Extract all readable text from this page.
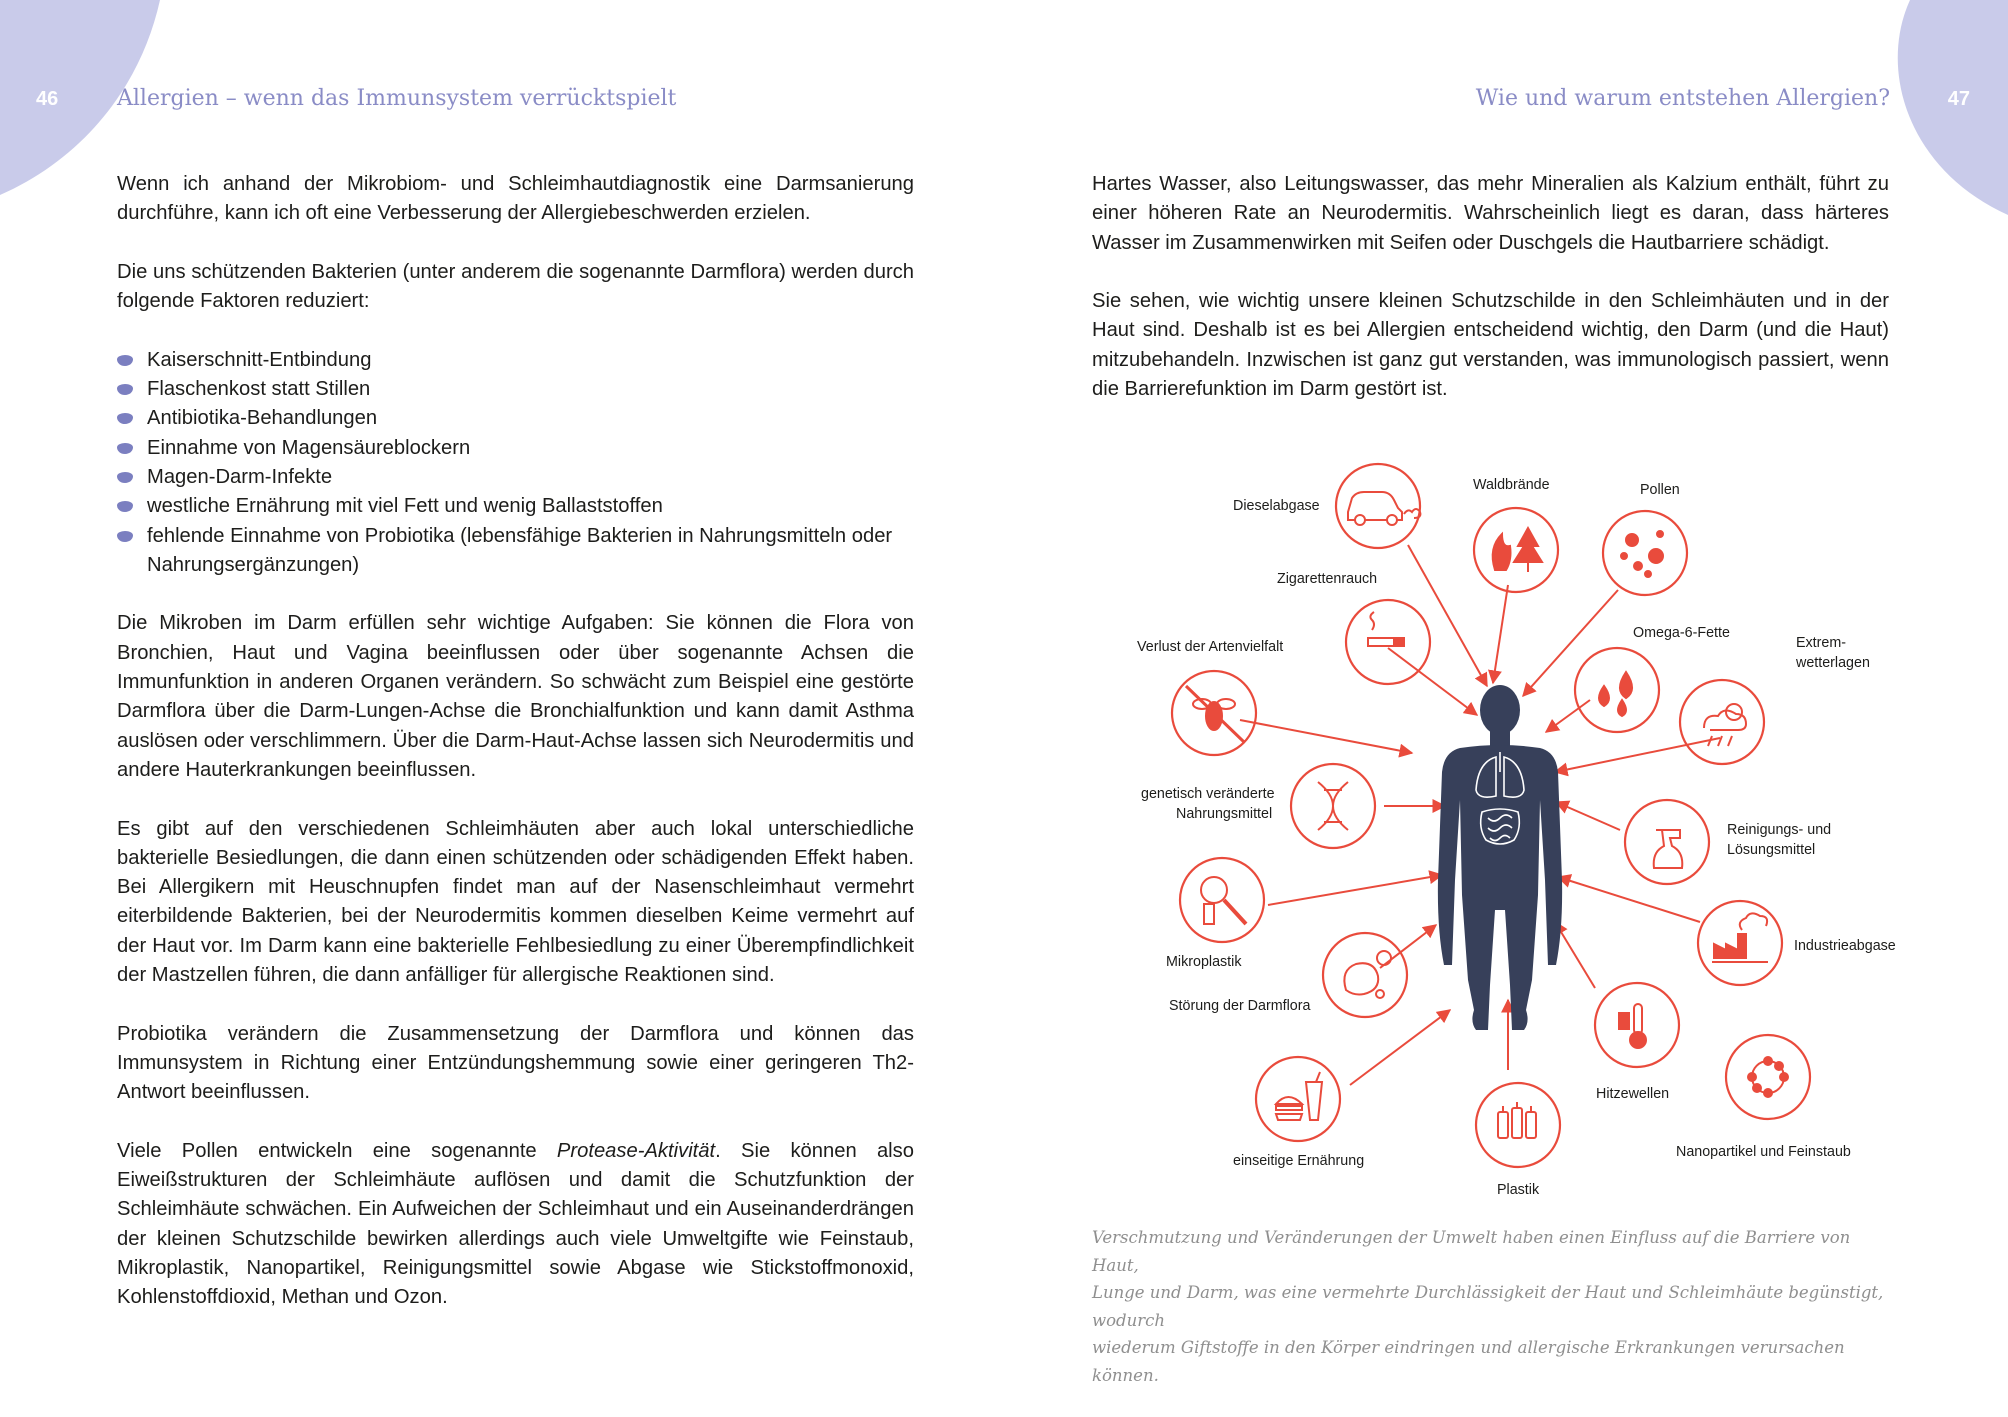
46	Allergien – wenn das Immunsystem verrücktspielt	Wie und warum entstehen Allergien?	47

Wenn ich anhand der Mikrobiom- und Schleimhautdiagnostik eine Darmsanierung durchführe, kann ich oft eine Verbesserung der Allergiebeschwerden erzielen.

Die uns schützenden Bakterien (unter anderem die sogenannte Darmflora) werden durch folgende Faktoren reduziert:

Kaiserschnitt-Entbindung
Flaschenkost statt Stillen
Antibiotika-Behandlungen
Einnahme von Magensäureblockern
Magen-Darm-Infekte
westliche Ernährung mit viel Fett und wenig Ballaststoffen
fehlende Einnahme von Probiotika (lebensfähige Bakterien in Nahrungsmitteln oder Nahrungsergänzungen)

Die Mikroben im Darm erfüllen sehr wichtige Aufgaben: Sie können die Flora von Bronchien, Haut und Vagina beeinflussen oder über sogenannte Achsen die Immunfunktion in anderen Organen verändern. So schwächt zum Beispiel eine gestörte Darmflora über die Darm-Lungen-Achse die Bronchialfunktion und kann damit Asthma auslösen oder verschlimmern. Über die Darm-Haut-Achse lassen sich Neurodermitis und andere Hauterkrankungen beeinflussen.

Es gibt auf den verschiedenen Schleimhäuten aber auch lokal unterschiedliche bakterielle Besiedlungen, die dann einen schützenden oder schädigenden Effekt haben. Bei Allergikern mit Heuschnupfen findet man auf der Nasenschleimhaut vermehrt eiterbildende Bakterien, bei der Neurodermitis kommen dieselben Keime vermehrt auf der Haut vor. Im Darm kann eine bakterielle Fehlbesiedlung zu einer Überempfindlichkeit der Mastzellen führen, die dann anfälliger für allergische Reaktionen sind.

Probiotika verändern die Zusammensetzung der Darmflora und können das Immunsystem in Richtung einer Entzündungshemmung sowie einer geringeren Th2-Antwort beeinflussen.

Viele Pollen entwickeln eine sogenannte Protease-Aktivität. Sie können also Eiweißstrukturen der Schleimhäute auflösen und damit die Schutzfunktion der Schleimhäute schwächen. Ein Aufweichen der Schleimhaut und ein Auseinanderdrängen der kleinen Schutzschilde bewirken allerdings auch viele Umweltgifte wie Feinstaub, Mikroplastik, Nanopartikel, Reinigungsmittel sowie Abgase wie Stickstoffmonoxid, Kohlenstoffdioxid, Methan und Ozon.

Hartes Wasser, also Leitungswasser, das mehr Mineralien als Kalzium enthält, führt zu einer höheren Rate an Neurodermitis. Wahrscheinlich liegt es daran, dass härteres Wasser im Zusammenwirken mit Seifen oder Duschgels die Hautbarriere schädigt.

Sie sehen, wie wichtig unsere kleinen Schutzschilde in den Schleimhäuten und in der Haut sind. Deshalb ist es bei Allergien entscheidend wichtig, den Darm (und die Haut) mitzubehandeln. Inzwischen ist ganz gut verstanden, was immunologisch passiert, wenn die Barrierefunktion im Darm gestört ist.

Dieselabgase
Waldbrände	Pollen
Zigarettenrauch
Omega-6-Fette
Extrem-
wetterlagen
Verlust der Artenvielfalt
genetisch veränderte
Nahrungsmittel
Reinigungs- und
Lösungsmittel
Mikroplastik
Industrieabgase
Störung der Darmflora
Hitzewellen
einseitige Ernährung
Nanopartikel und Feinstaub
Plastik

Verschmutzung und Veränderungen der Umwelt haben einen Einfluss auf die Barriere von Haut,

Lunge und Darm, was eine vermehrte Durchlässigkeit der Haut und Schleimhäute begünstigt, wodurch

wiederum Giftstoffe in den Körper eindringen und allergische Erkrankungen verursachen können.
